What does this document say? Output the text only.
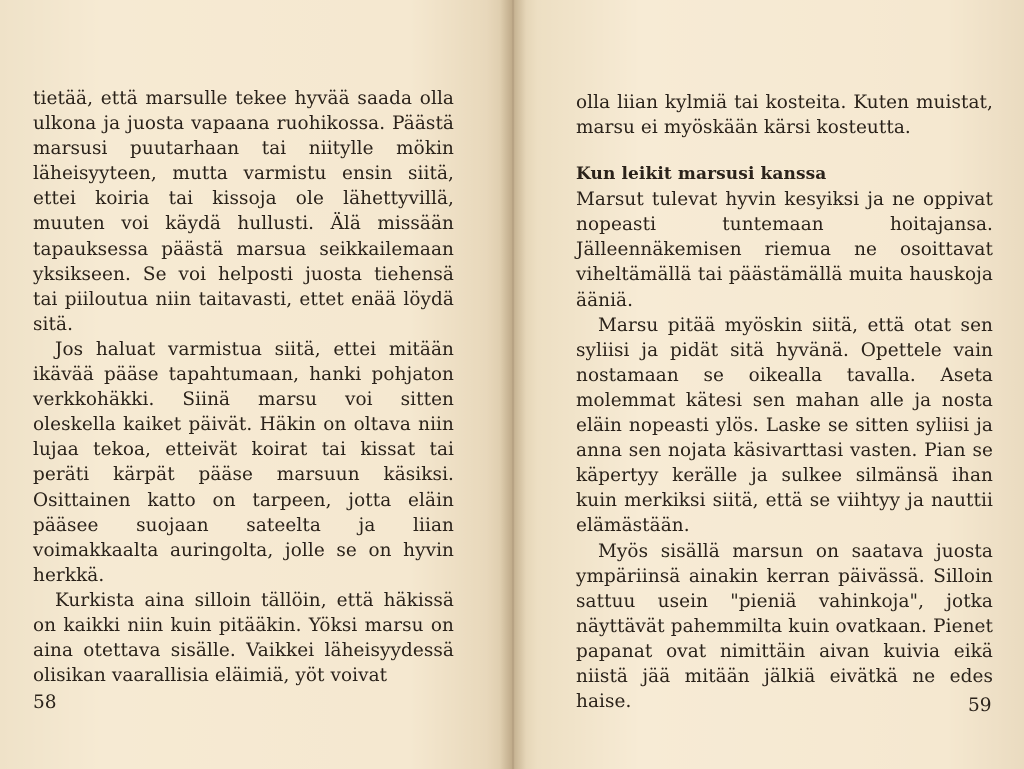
tietää, että marsulle tekee hyvää saada olla ulkona ja juosta vapaana ruohikossa. Päästä marsusi puutarhaan tai niitylle mökin läheisyyteen, mutta varmistu ensin siitä, ettei koiria tai kissoja ole lähettyvillä, muuten voi käydä hullusti. Älä missään tapauksessa päästä marsua seikkailemaan yksikseen. Se voi helposti juosta tiehensä tai piiloutua niin taitavasti, ettet enää löydä sitä.

Jos haluat varmistua siitä, ettei mitään ikävää pääse tapahtumaan, hanki pohjaton verkkohäkki. Siinä marsu voi sitten oleskella kaiket päivät. Häkin on oltava niin lujaa tekoa, etteivät koirat tai kissat tai peräti kärpät pääse marsuun käsiksi. Osittainen katto on tarpeen, jotta eläin pääsee suojaan sateelta ja liian voimakkaalta auringolta, jolle se on hyvin herkkä.

Kurkista aina silloin tällöin, että häkissä on kaikki niin kuin pitääkin. Yöksi marsu on aina otettava sisälle. Vaikkei läheisyydessä olisikan vaarallisia eläimiä, yöt voivat

58

olla liian kylmiä tai kosteita. Kuten muistat, marsu ei myöskään kärsi kosteutta.

Kun leikit marsusi kanssa

Marsut tulevat hyvin kesyiksi ja ne oppivat nopeasti tuntemaan hoitajansa. Jälleennäkemisen riemua ne osoittavat viheltämällä tai päästämällä muita hauskoja ääniä.

Marsu pitää myöskin siitä, että otat sen syliisi ja pidät sitä hyvänä. Opettele vain nostamaan se oikealla tavalla. Aseta molemmat kätesi sen mahan alle ja nosta eläin nopeasti ylös. Laske se sitten syliisi ja anna sen nojata käsivarttasi vasten. Pian se käpertyy kerälle ja sulkee silmänsä ihan kuin merkiksi siitä, että se viihtyy ja nauttii elämästään.

Myös sisällä marsun on saatava juosta ympäriinsä ainakin kerran päivässä. Silloin sattuu usein "pieniä vahinkoja", jotka näyttävät pahemmilta kuin ovatkaan. Pienet papanat ovat nimittäin aivan kuivia eikä niistä jää mitään jälkiä eivätkä ne edes haise.	59
